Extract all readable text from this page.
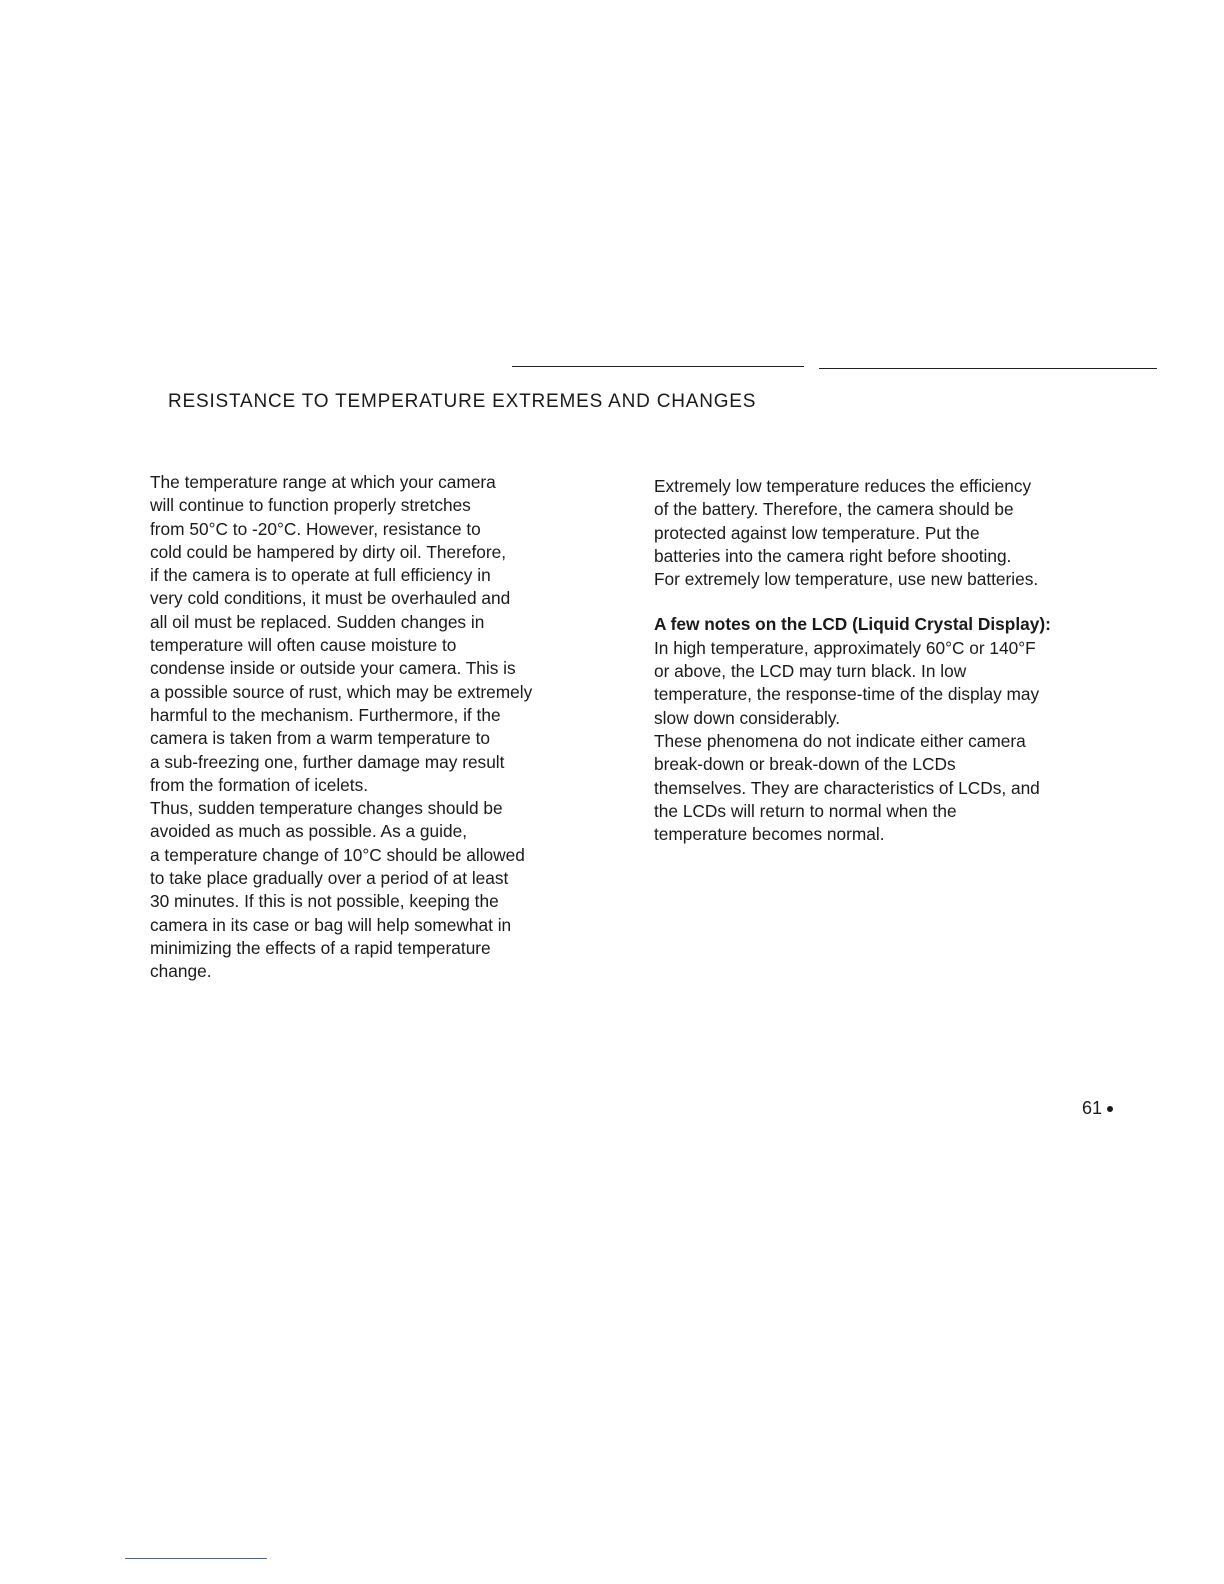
RESISTANCE TO TEMPERATURE EXTREMES AND CHANGES
The temperature range at which your camera
will continue to function properly stretches
from 50°C to -20°C. However, resistance to
cold could be hampered by dirty oil. Therefore,
if the camera is to operate at full efficiency in
very cold conditions, it must be overhauled and
all oil must be replaced. Sudden changes in
temperature will often cause moisture to
condense inside or outside your camera. This is
a possible source of rust, which may be extremely
harmful to the mechanism. Furthermore, if the
camera is taken from a warm temperature to
a sub-freezing one, further damage may result
from the formation of icelets.
Thus, sudden temperature changes should be
avoided as much as possible. As a guide,
a temperature change of 10°C should be allowed
to take place gradually over a period of at least
30 minutes. If this is not possible, keeping the
camera in its case or bag will help somewhat in
minimizing the effects of a rapid temperature
change.
Extremely low temperature reduces the efficiency
of the battery. Therefore, the camera should be
protected against low temperature. Put the
batteries into the camera right before shooting.
For extremely low temperature, use new batteries.
A few notes on the LCD (Liquid Crystal Display):
In high temperature, approximately 60°C or 140°F
or above, the LCD may turn black. In low
temperature, the response-time of the display may
slow down considerably.
These phenomena do not indicate either camera
break-down or break-down of the LCDs
themselves. They are characteristics of LCDs, and
the LCDs will return to normal when the
temperature becomes normal.
61
